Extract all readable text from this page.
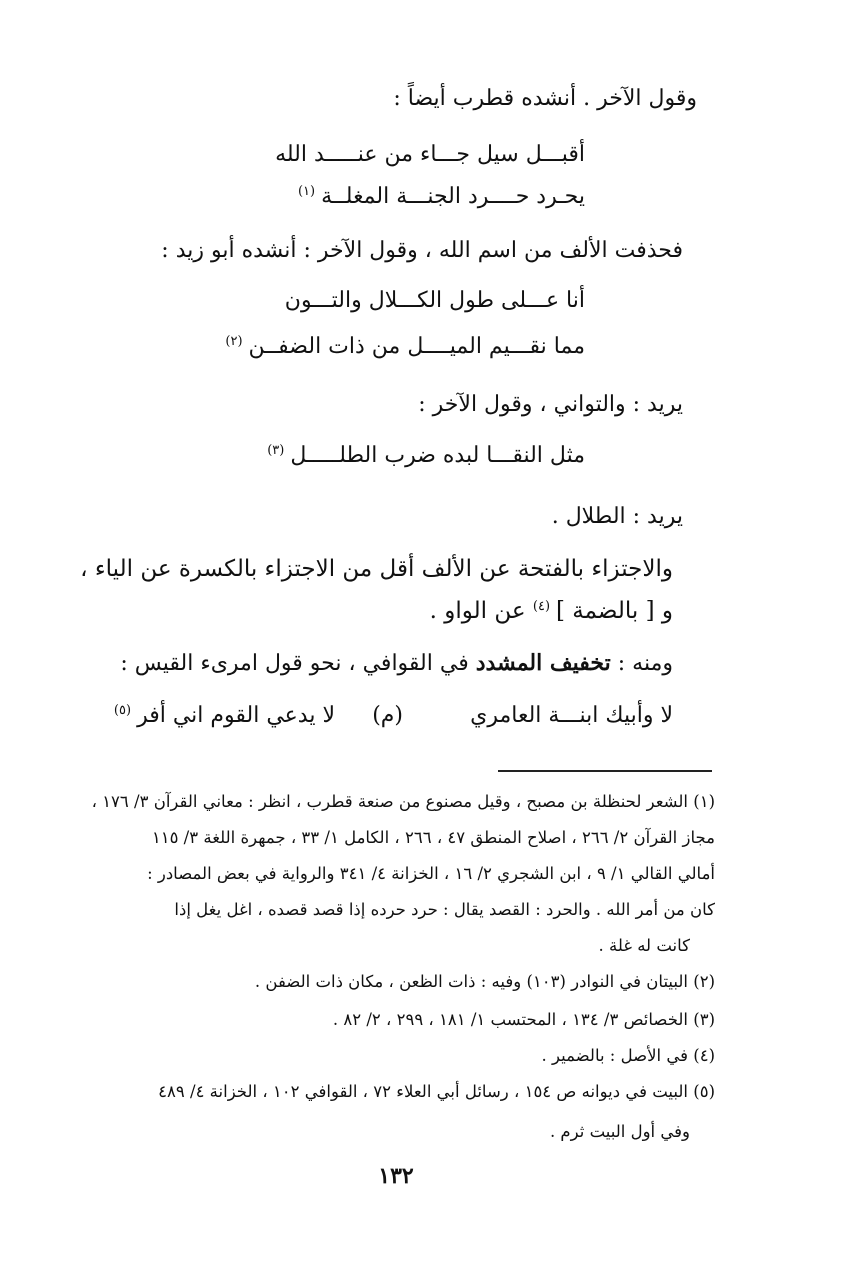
وقول الآخر . أنشده قطرب أيضاً :
أقبـــل سيل جـــاء من عنـــــد الله
يحـرد حــــرد الجنـــة المغلــة$^{(١)}$
فحذفت الألف من اسم الله ، وقول الآخر : أنشده أبو زيد :
أنا عـــلى طول الكـــلال والتـــون
مما نقـــيم الميــــل من ذات الضفــن$^{(٢)}$
يريد : والتواني ، وقول الآخر :
مثل النقـــا لبده ضرب الطلـــــل$^{(٣)}$
يريد : الطلال .
والاجتزاء بالفتحة عن الألف أقل من الاجتزاء بالكسرة عن الياء ،
و [ بالضمة ]$^{(٤)}$ عن الواو .
ومنه : تخفيف المشدد في القوافي ، نحو قول امرىء القيس :
لا وأبيك ابنـــة العامري
(م)
لا يدعي القوم اني أفر$^{(٥)}$
(١) الشعر لحنظلة بن مصبح ، وقيل مصنوع من صنعة قطرب ، انظر : معاني القرآن ٣/ ١٧٦ ،
مجاز القرآن ٢/ ٢٦٦ ، اصلاح المنطق ٤٧ ، ٢٦٦ ، الكامل ١/ ٣٣ ، جمهرة اللغة ٣/ ١١٥
أمالي القالي ١/ ٩ ، ابن الشجري ٢/ ١٦ ، الخزانة ٤/ ٣٤١ والرواية في بعض المصادر :
كان من أمر الله . والحرد : القصد يقال : حرد حرده إذا قصد قصده ، اغل يغل إذا
كانت له غلة .
(٢) البيتان في النوادر (١٠٣) وفيه : ذات الظعن ، مكان ذات الضفن .
(٣) الخصائص ٣/ ١٣٤ ، المحتسب ١/ ١٨١ ، ٢٩٩ ، ٢/ ٨٢ .
(٤) في الأصل : بالضمير .
(٥) البيت في ديوانه ص ١٥٤ ، رسائل أبي العلاء ٧٢ ، القوافي ١٠٢ ، الخزانة ٤/ ٤٨٩
وفي أول البيت ثرم .
١٣٢
